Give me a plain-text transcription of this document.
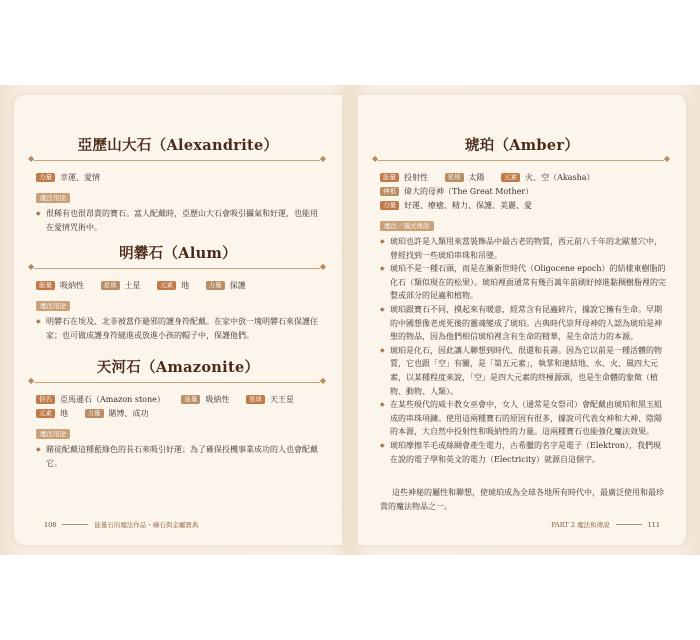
亞歷山大石（Alexandrite）
◆ ◆
力量 幸運、愛情
魔法用途
◆ 很稀有也很昂貴的寶石。富人配戴時，亞歷山大石會吸引攝氣和好運，也能用在愛情咒術中。
明礬石（Alum）
◆ ◆
能量 吸納性	星球 土星	元素 地	力量 保護
魔法用途
◆ 明礬石在埃及、北非被當作避邪的護身符配戴。在家中放一塊明礬石來保護住家；也可做成護身符縫進或放進小孩的帽子中，保護他們。
天河石（Amazonite）
◆ ◆
俗名 亞馬遜石（Amazon stone）	能量 吸納性	星球 天王星
元素 地	力量 賭博、成功
魔法用途
◆ 賭徒配戴這種藍綠色的長石來吸引好運；為了確保投機事業成功的人也會配戴它。
108	能量石的魔法作品・礦石與金屬寶典
琥珀（Amber）
◆ ◆
能量 投射性	星球 太陽	元素 火、空（Akasha）
神祇 偉大的母神（The Great Mother）
力量 好運、療癒、精力、保護、美麗、愛
魔法／儀式傳說
◆ 琥珀也許是人類用來當裝飾品中最古老的物質，西元前八千年的北歐墓穴中，曾經找到一些琥珀串珠和吊墜。
◆ 琥珀不是一種石頭，而是在漸新世時代（Oligocene epoch）的結樣東樹脂的化石（類似現在的松果）。琥珀裡面通常有幾百萬年前刷好掉進黏稠樹脂裡的完整或部分的昆蟲和植物。
◆ 琥珀跟寶石不同，摸起來有暖意，經常含有昆蟲碎片，據說它擁有生命。早期的中國想像老虎死後的靈魂變成了琥珀。古典時代崇拜母神的人認為琥珀是神聖的物品，因為他們相信琥珀裡含有生命的精華，是生命活力的本源。
◆ 琥珀是化石，因此讓人聯想到時代、很還和長壽。因為它以前是一種活體的物質，它也跟「空」有關，是「第五元素」，執掌和連結地、水、火、風四大元素，以某種程度來說，「空」是四大元素的終極源頭，也是生命體的象徵（植物、動物、人類）。
◆ 在某些現代的威卡教女巫會中，女人（通常是女祭司）會配戴由琥珀和黑玉組成的串珠項鍊。使用這兩種寶石的原因有很多，據說可代表女神和大神、陰陽的本源，大自然中投射性和吸納性的力量。這兩種寶石也能強化魔法效果。
◆ 琥珀摩擦羊毛或絲綢會產生電力，古希臘的名字是電子（Elektron），我們現在說的電子學和英文的電力（Electricity）就源自這個字。

這些神秘的屬性和聯想，使琥珀成為全球各地所有時代中，最廣泛使用和最珍貴的魔法物品之一。

PART 2 魔法和傳說	111
